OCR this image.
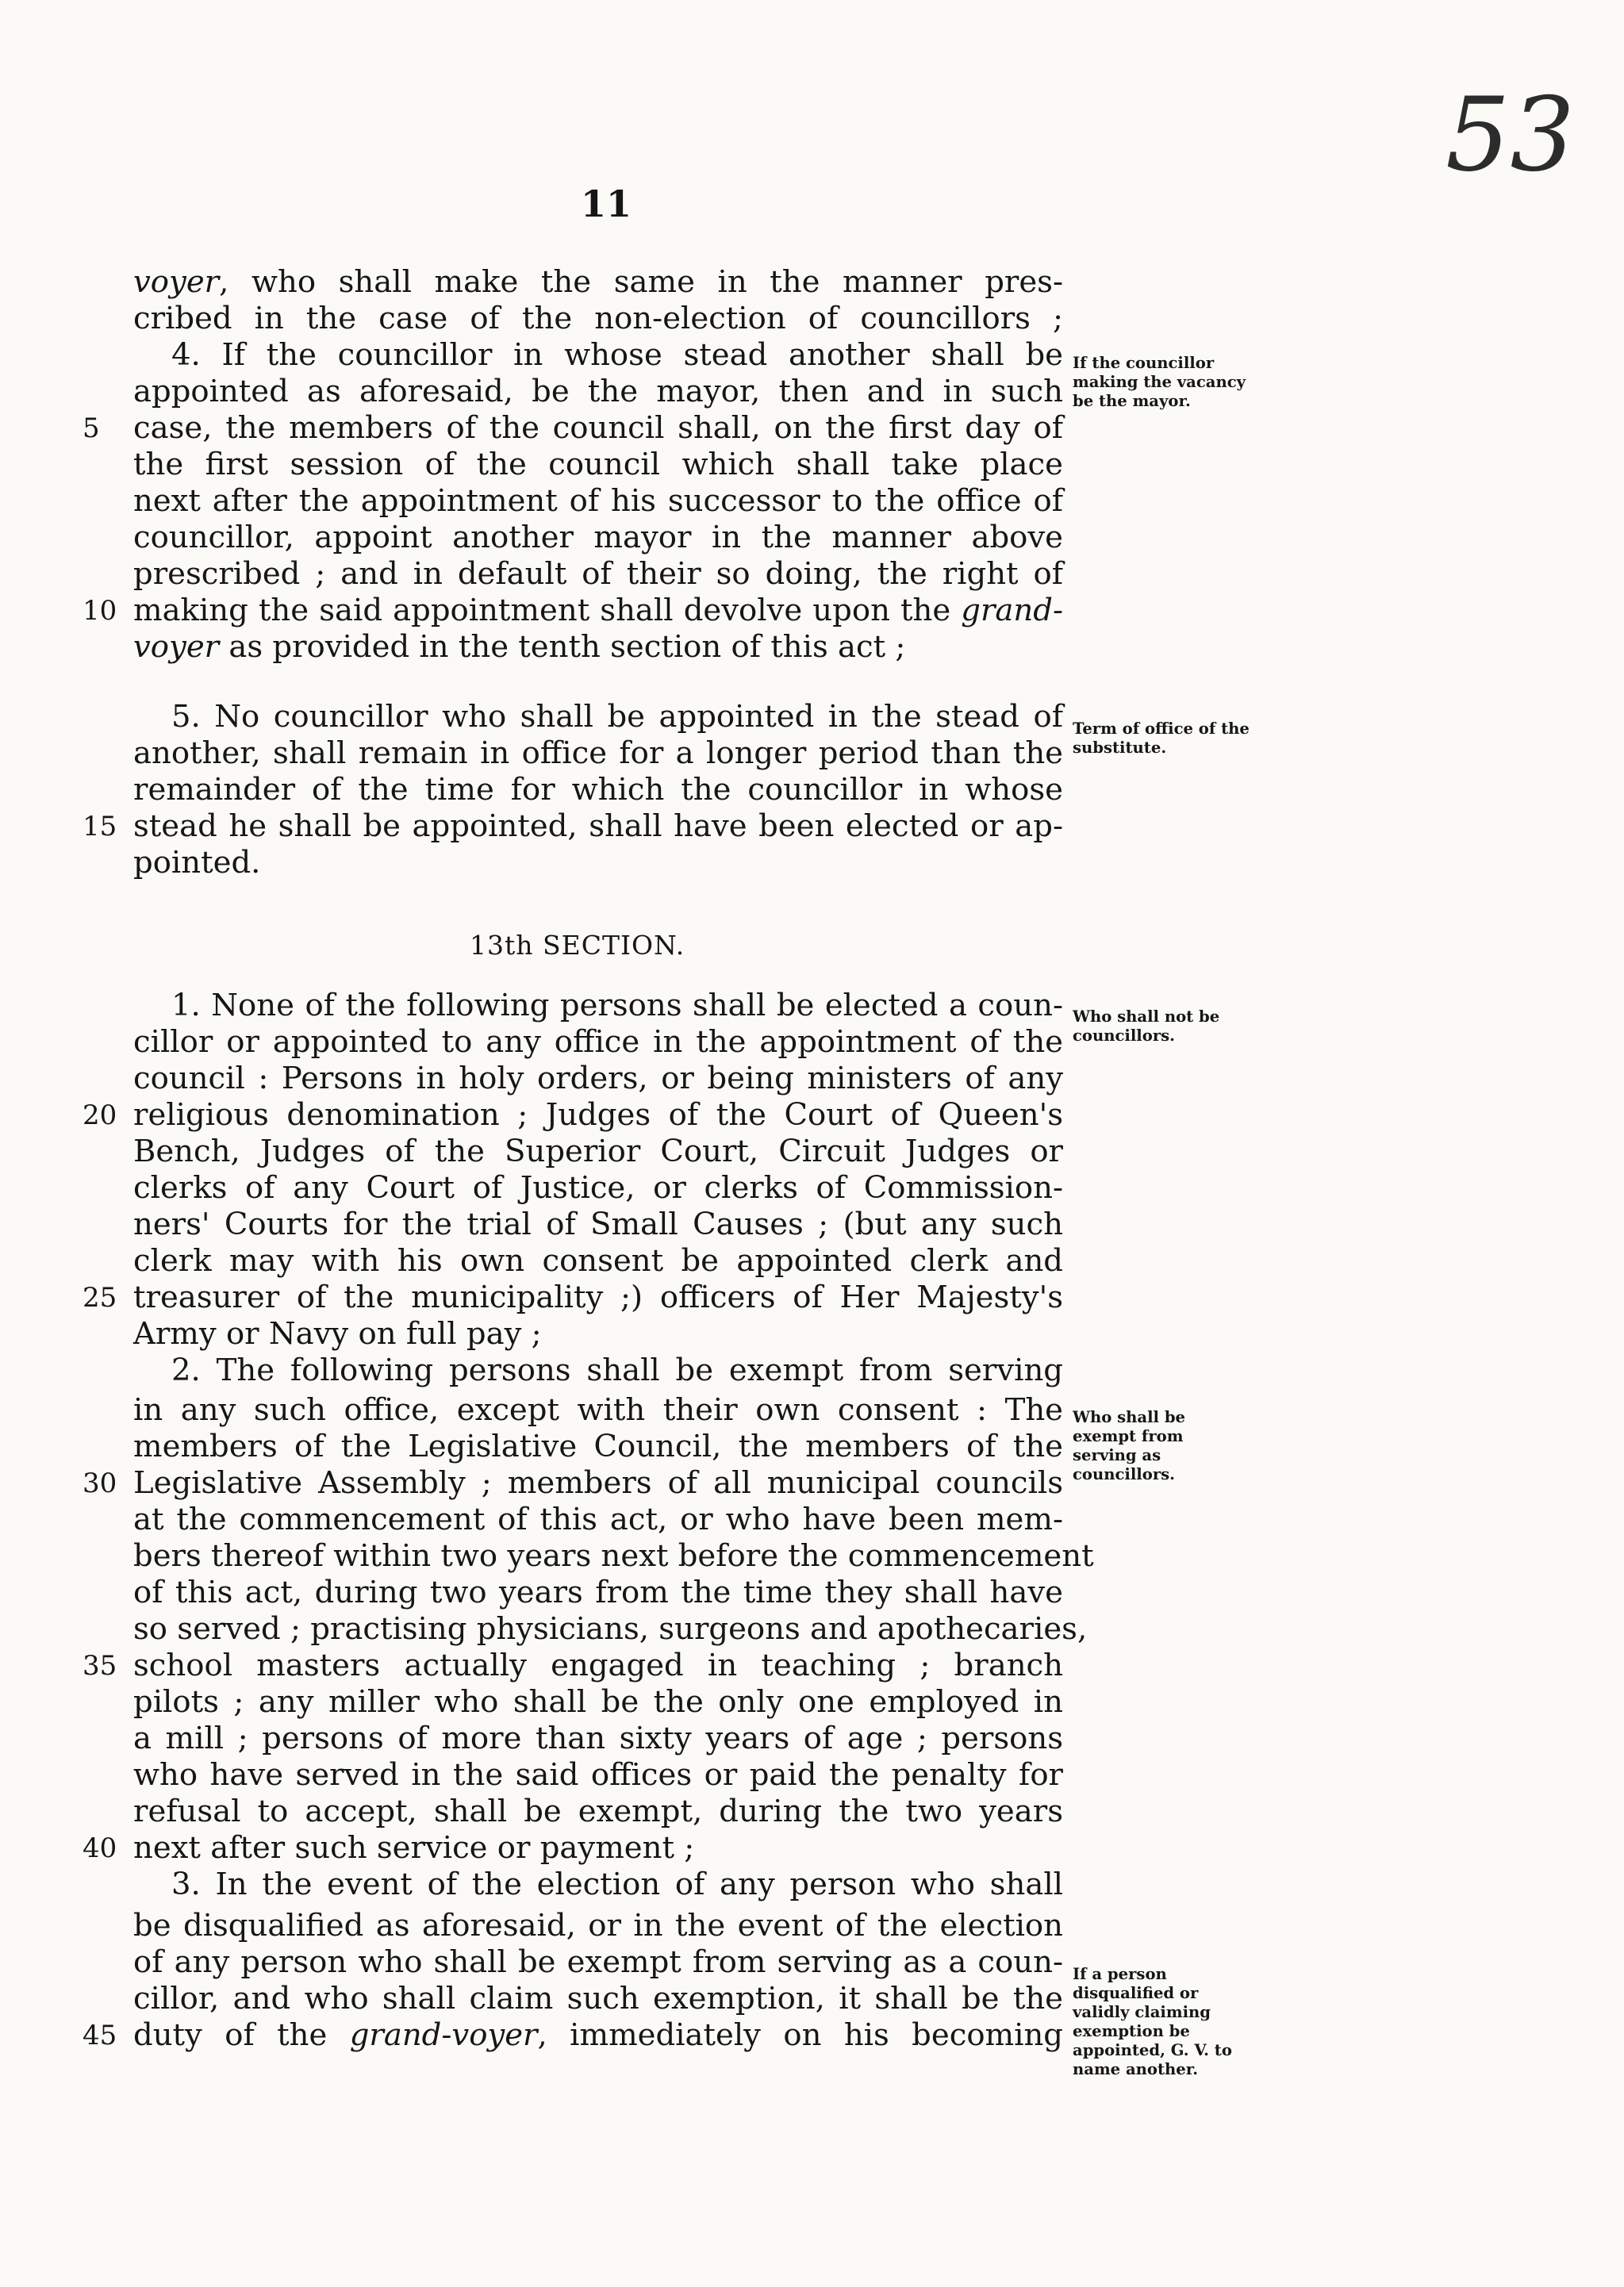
53
11
voyer, who shall make the same in the manner pres-
cribed in the case of the non-election of councillors ;
4. If the councillor in whose stead another shall be
appointed as aforesaid, be the mayor, then and in such
case, the members of the council shall, on the first day of
5
the first session of the council which shall take place
next after the appointment of his successor to the office of
councillor, appoint another mayor in the manner above
prescribed ; and in default of their so doing, the right of
making the said appointment shall devolve upon the grand-
10
voyer as provided in the tenth section of this act ;
5. No councillor who shall be appointed in the stead of
another, shall remain in office for a longer period than the
remainder of the time for which the councillor in whose
stead he shall be appointed, shall have been elected or ap-
15
pointed.
1. None of the following persons shall be elected a coun-
cillor or appointed to any office in the appointment of the
council : Persons in holy orders, or being ministers of any
religious denomination ; Judges of the Court of Queen's
20
Bench, Judges of the Superior Court, Circuit Judges or
clerks of any Court of Justice, or clerks of Commission-
ners' Courts for the trial of Small Causes ; (but any such
clerk may with his own consent be appointed clerk and
treasurer of the municipality ;) officers of Her Majesty's
25
Army or Navy on full pay ;
2. The following persons shall be exempt from serving
in any such office, except with their own consent : The
members of the Legislative Council, the members of the
Legislative Assembly ; members of all municipal councils
30
at the commencement of this act, or who have been mem-
bers thereof within two years next before the commencement
of this act, during two years from the time they shall have
so served ; practising physicians, surgeons and apothecaries,
school masters actually engaged in teaching ; branch
35
pilots ; any miller who shall be the only one employed in
a mill ; persons of more than sixty years of age ; persons
who have served in the said offices or paid the penalty for
refusal to accept, shall be exempt, during the two years
next after such service or payment ;
40
3. In the event of the election of any person who shall
be disqualified as aforesaid, or in the event of the election
of any person who shall be exempt from serving as a coun-
cillor, and who shall claim such exemption, it shall be the
duty of the grand-voyer, immediately on his becoming
45
13th SECTION.
If the councillor making the vacancy be the mayor.
Term of office of the substitute.
Who shall not be councillors.
Who shall be exempt from serving as councillors.
If a person disqualified or validly claiming exemption be appointed, G. V. to name another.
